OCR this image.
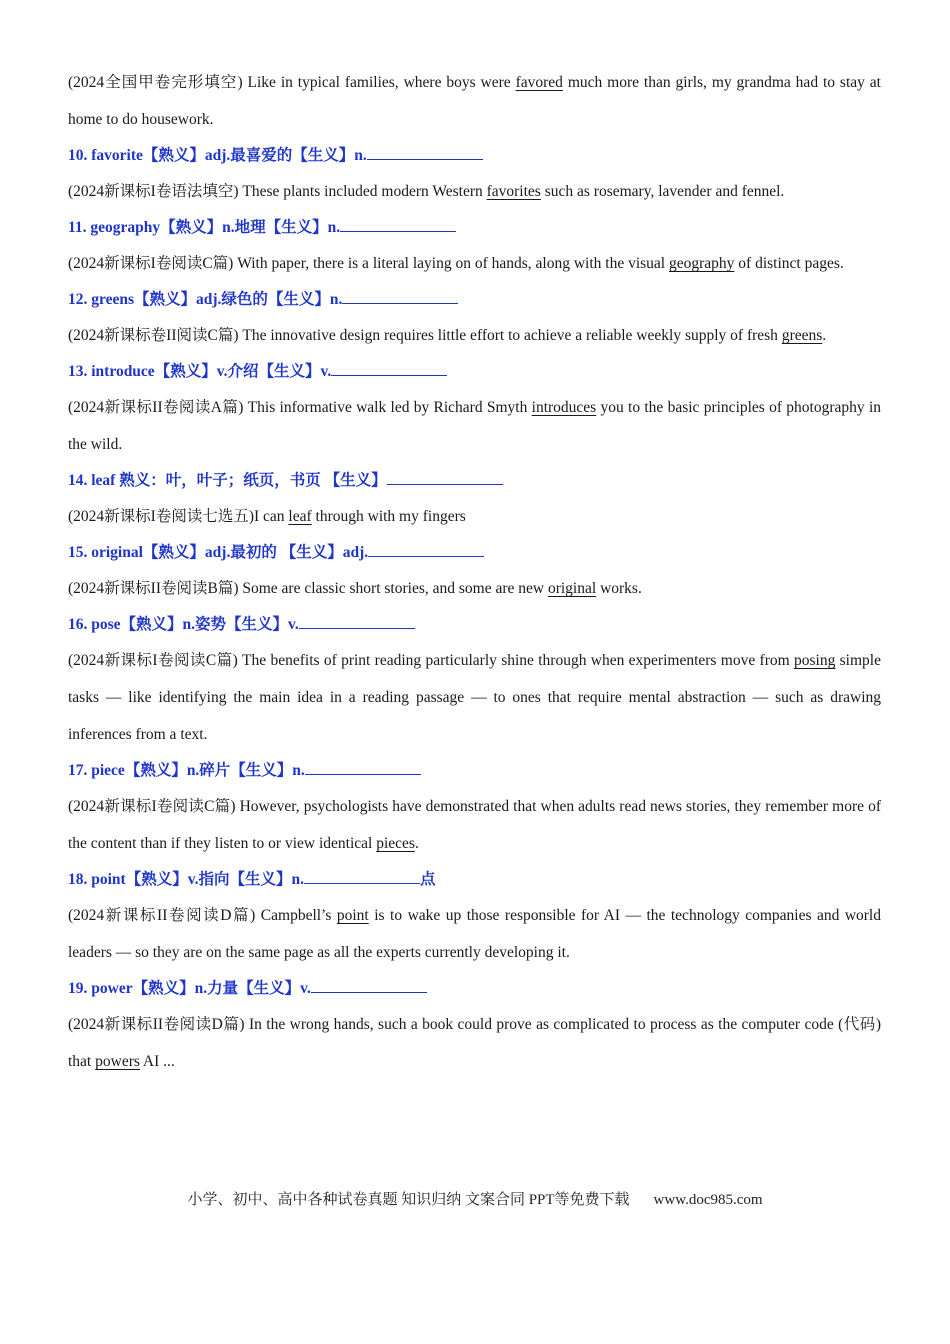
(2024全国甲卷完形填空) Like in typical families, where boys were favored much more than girls, my grandma had to stay at home to do housework.

10. favorite【熟义】adj.最喜爱的【生义】n.

(2024新课标I卷语法填空) These plants included modern Western favorites such as rosemary, lavender and fennel.

11. geography【熟义】n.地理【生义】n.

(2024新课标I卷阅读C篇) With paper, there is a literal laying on of hands, along with the visual geography of distinct pages.

12. greens【熟义】adj.绿色的【生义】n.

(2024新课标卷II阅读C篇) The innovative design requires little effort to achieve a reliable weekly supply of fresh greens.

13. introduce【熟义】v.介绍【生义】v.

(2024新课标II卷阅读A篇) This informative walk led by Richard Smyth introduces you to the basic principles of photography in the wild.

14. leaf 熟义：叶，叶子；纸页，书页 【生义】

(2024新课标I卷阅读七选五)I can leaf through with my fingers

15. original【熟义】adj.最初的 【生义】adj.

(2024新课标II卷阅读B篇) Some are classic short stories, and some are new original works.

16. pose【熟义】n.姿势【生义】v.

(2024新课标I卷阅读C篇) The benefits of print reading particularly shine through when experimenters move from posing simple tasks — like identifying the main idea in a reading passage — to ones that require mental abstraction — such as drawing inferences from a text.

17. piece【熟义】n.碎片【生义】n.

(2024新课标I卷阅读C篇) However, psychologists have demonstrated that when adults read news stories, they remember more of the content than if they listen to or view identical pieces.

18. point【熟义】v.指向【生义】n.	点

(2024新课标II卷阅读D篇) Campbell’s point is to wake up those responsible for AI — the technology companies and world leaders — so they are on the same page as all the experts currently developing it.

19. power【熟义】n.力量【生义】v.

(2024新课标II卷阅读D篇) In the wrong hands, such a book could prove as complicated to process as the computer code (代码) that powers AI ...

小学、初中、高中各种试卷真题 知识归纳 文案合同 PPT等免费下载 www.doc985.com
